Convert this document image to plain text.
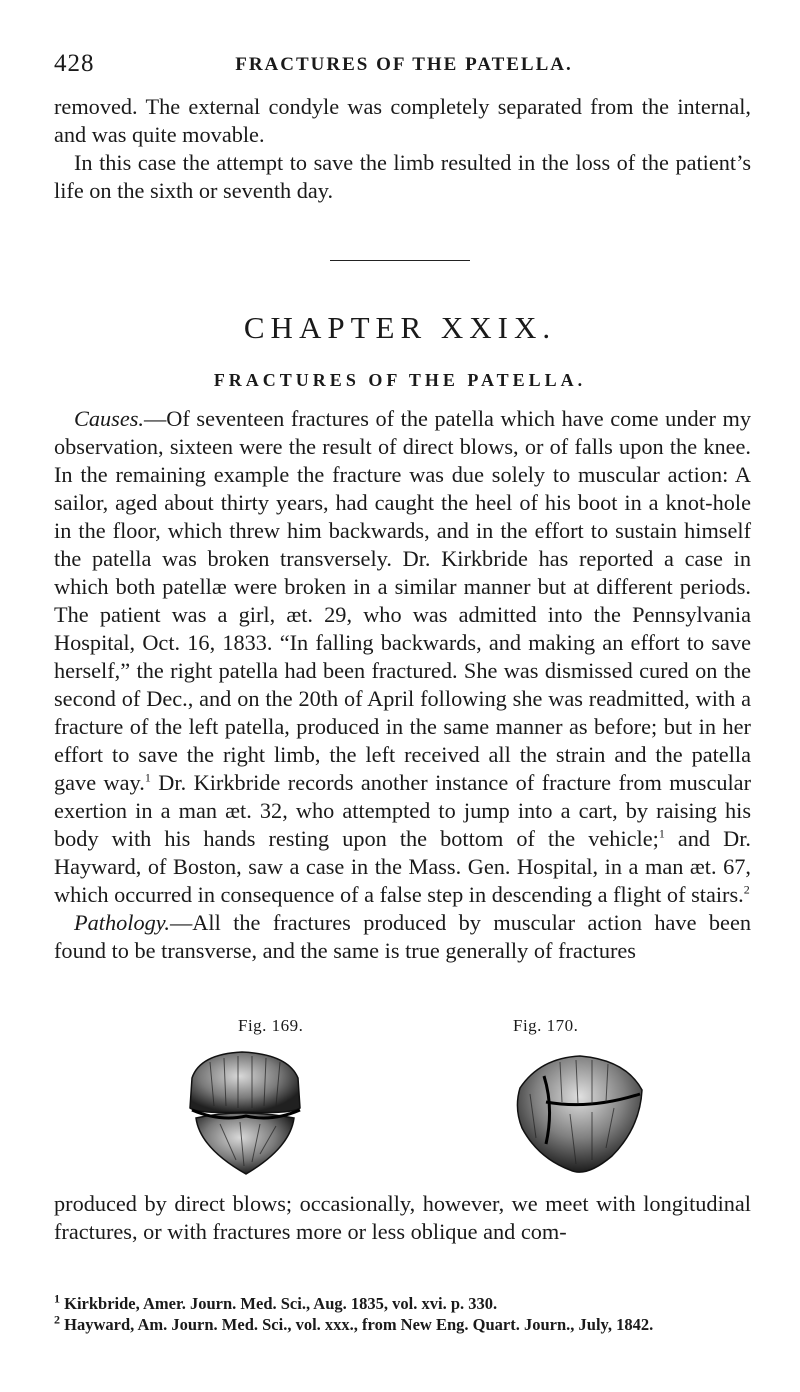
428	FRACTURES OF THE PATELLA.

removed. The external condyle was completely separated from the internal, and was quite movable.

In this case the attempt to save the limb resulted in the loss of the patient’s life on the sixth or seventh day.

CHAPTER XXIX.
FRACTURES OF THE PATELLA.

Causes.—Of seventeen fractures of the patella which have come under my observation, sixteen were the result of direct blows, or of falls upon the knee. In the remaining example the fracture was due solely to muscular action: A sailor, aged about thirty years, had caught the heel of his boot in a knot-hole in the floor, which threw him backwards, and in the effort to sustain himself the patella was broken transversely. Dr. Kirkbride has reported a case in which both patellæ were broken in a similar manner but at different periods. The patient was a girl, æt. 29, who was admitted into the Pennsylvania Hospital, Oct. 16, 1833. “In falling backwards, and making an effort to save herself,” the right patella had been fractured. She was dismissed cured on the second of Dec., and on the 20th of April following she was readmitted, with a fracture of the left patella, produced in the same manner as before; but in her effort to save the right limb, the left received all the strain and the patella gave way.$^1$ Dr. Kirkbride records another instance of fracture from muscular exertion in a man æt. 32, who attempted to jump into a cart, by raising his body with his hands resting upon the bottom of the vehicle;$^1$ and Dr. Hayward, of Boston, saw a case in the Mass. Gen. Hospital, in a man æt. 67, which occurred in consequence of a false step in descending a flight of stairs.$^2$

Pathology.—All the fractures produced by muscular action have been found to be transverse, and the same is true generally of fractures

Fig. 169.	Fig. 170.

produced by direct blows; occasionally, however, we meet with longitudinal fractures, or with fractures more or less oblique and com-

$^1$ Kirkbride, Amer. Journ. Med. Sci., Aug. 1835, vol. xvi. p. 330.
$^2$ Hayward, Am. Journ. Med. Sci., vol. xxx., from New Eng. Quart. Journ., July, 1842.
